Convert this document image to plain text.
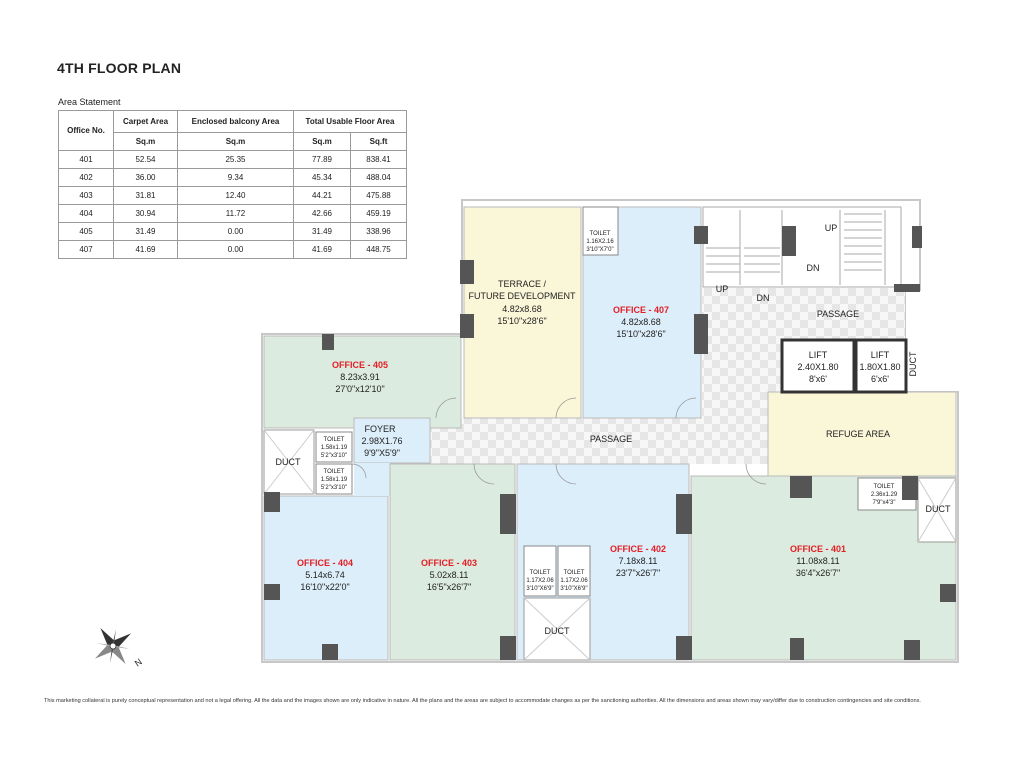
4TH FLOOR PLAN
Area Statement
Office No.	Carpet Area	Enclosed balcony Area	Total Usable Floor Area	
	Sq.m	Sq.m	Sq.m	Sq.ft
401	52.54	25.35	77.89	838.41
402	36.00	9.34	45.34	488.04
403	31.81	12.40	44.21	475.88
404	30.94	11.72	42.66	459.19
405	31.49	0.00	31.49	338.96
407	41.69	0.00	41.69	448.75
TERRACE /
FUTURE DEVELOPMENT
4.82x8.68
15'10"x28'6"
OFFICE - 407
4.82x8.68
15'10"x28'6"
TOILET
1.16X2.16
3'10"X7'0"
OFFICE - 405
8.23x3.91
27'0"x12'10"
FOYER
2.98X1.76
9'9"X5'9"
DUCT
TOILET
1.58x1.19
5'2"x3'10"
TOILET
1.58x1.19
5'2"x3'10"
PASSAGE
PASSAGE
UP
DN
UP
DN
LIFT
2.40X1.80
8'x6'
LIFT
1.80X1.80
6'x6'
DUCT
REFUGE AREA
TOILET
2.36x1.29
7'9"x4'3"
DUCT
OFFICE - 404
5.14x6.74
16'10"x22'0"
OFFICE - 403
5.02x8.11
16'5"x26'7"
OFFICE - 402
7.18x8.11
23'7"x26'7"
TOILET
1.17X2.06
3'10"X6'9"
TOILET
1.17X2.06
3'10"X6'9"
DUCT
OFFICE - 401
11.08x8.11
36'4"x26'7"
N
This marketing collateral is purely conceptual representation and not a legal offering. All the data and the images shown are only indicative in nature. All the plans and the areas are subject to accommodate changes as per the sanctioning authorities. All the dimensions and areas shown may vary/differ due to construction contingencies and site conditions.
